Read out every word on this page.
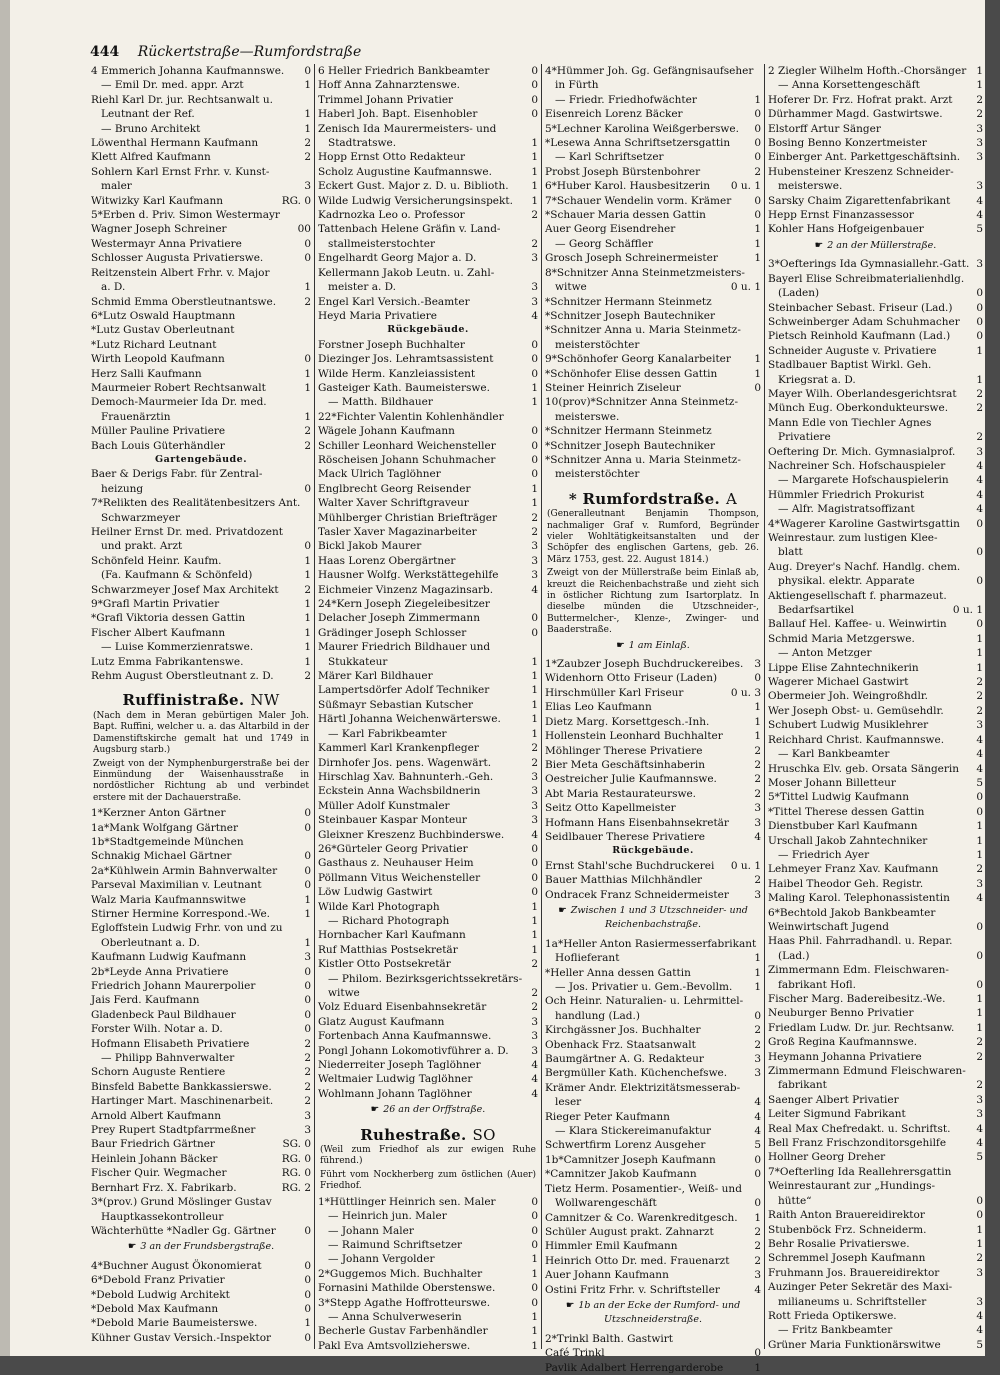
444 Rückertstraße—Rumfordstraße
4 Emmerich Johanna Kaufmannswe. 0
— Emil Dr. med. appr. Arzt	1
Riehl Karl Dr. jur. Rechtsanwalt u.
Leutnant der Ref.	1
— Bruno Architekt	1
Löwenthal Hermann Kaufmann	2
Klett Alfred Kaufmann	2
Sohlern Karl Ernst Frhr. v. Kunst-
maler	3
Witwizky Karl Kaufmann	RG. 0
5*Erben d. Priv. Simon Westermayr
Wagner Joseph Schreiner	00
Westermayr Anna Privatiere	0
Schlosser Augusta Privatierswe.	0
Reitzenstein Albert Frhr. v. Major
a. D.	1
Schmid Emma Oberstleutnantswe.	2
6*Lutz Oswald Hauptmann
*Lutz Gustav Oberleutnant
*Lutz Richard Leutnant
Wirth Leopold Kaufmann	0
Herz Salli Kaufmann	1
Maurmeier Robert Rechtsanwalt	1
Democh-Maurmeier Ida Dr. med.
Frauenärztin	1
Müller Pauline Privatiere	2
Bach Louis Güterhändler	2
Gartengebäude.
Baer & Derigs Fabr. für Zentral-
heizung	0
7*Relikten des Realitätenbesitzers Ant.
Schwarzmeyer
Heilner Ernst Dr. med. Privatdozent
und prakt. Arzt	0
Schönfeld Heinr. Kaufm.	1
(Fa. Kaufmann & Schönfeld)	1
Schwarzmeyer Josef Max Architekt 2
9*Grafl Martin Privatier	1
*Grafl Viktoria dessen Gattin	1
Fischer Albert Kaufmann	1
— Luise Kommerzienratswe.	1
Lutz Emma Fabrikantenswe.	1
Rehm August Oberstleutnant z. D.	2
Ruffinistraße. NW
(Nach dem in Meran gebürtigen Maler Joh. Bapt. Ruffini, welcher u. a. das Altarbild in der Damenstiftskirche gemalt hat und 1749 in Augsburg starb.)
Zweigt von der Nymphenburgerstraße bei der Einmündung der Waisenhausstraße in nordöstlicher Richtung ab und verbindet erstere mit der Dachauerstraße.
1*Kerzner Anton Gärtner	0
1a*Mank Wolfgang Gärtner	0
1b*Stadtgemeinde München
Schnakig Michael Gärtner	0
2a*Kühlwein Armin Bahnverwalter	0
Parseval Maximilian v. Leutnant	0
Walz Maria Kaufmannswitwe	1
Stirner Hermine Korrespond.-We.	1
Egloffstein Ludwig Frhr. von und zu
Oberleutnant a. D.	1
Kaufmann Ludwig Kaufmann	3
2b*Leyde Anna Privatiere	0
Friedrich Johann Maurerpolier	0
Jais Ferd. Kaufmann	0
Gladenbeck Paul Bildhauer	0
Forster Wilh. Notar a. D.	0
Hofmann Elisabeth Privatiere	2
— Philipp Bahnverwalter	2
Schorn Auguste Rentiere	2
Binsfeld Babette Bankkassierswe.	2
Hartinger Mart. Maschinenarbeit.	2
Arnold Albert Kaufmann	3
Prey Rupert Stadtpfarrmeßner	3
Baur Friedrich Gärtner	SG. 0
Heinlein Johann Bäcker	RG. 0
Fischer Quir. Wegmacher	RG. 0
Bernhart Frz. X. Fabrikarb.	RG. 2
3*(prov.) Grund Möslinger Gustav
Hauptkassekontrolleur
Wächterhütte *Nadler Gg. Gärtner	0
☛ 3 an der Frundsbergstraße.
4*Buchner August Ökonomierat	0
6*Debold Franz Privatier	0
*Debold Ludwig Architekt	0
*Debold Max Kaufmann	0
*Debold Marie Baumeisterswe.	1
Kühner Gustav Versich.-Inspektor	0
6 Heller Friedrich Bankbeamter	0
Hoff Anna Zahnarztenswe.	0
Trimmel Johann Privatier	0
Haberl Joh. Bapt. Eisenhobler	0
Zenisch Ida Maurermeisters- und
Stadtratswe.	1
Hopp Ernst Otto Redakteur	1
Scholz Augustine Kaufmannswe.	1
Eckert Gust. Major z. D. u. Biblioth. 1
Wilde Ludwig Versicherungsinspekt. 1
Kadrnozka Leo o. Professor	2
Tattenbach Helene Gräfin v. Land-
stallmeisterstochter	2
Engelhardt Georg Major a. D.	3
Kellermann Jakob Leutn. u. Zahl-
meister a. D.	3
Engel Karl Versich.-Beamter	3
Heyd Maria Privatiere	4
Rückgebäude.
Forstner Joseph Buchhalter	0
Diezinger Jos. Lehramtsassistent	0
Wilde Herm. Kanzleiassistent	0
Gasteiger Kath. Baumeisterswe.	1
— Matth. Bildhauer	1
22*Fichter Valentin Kohlenhändler
Wägele Johann Kaufmann	0
Schiller Leonhard Weichensteller	0
Röscheisen Johann Schuhmacher	0
Mack Ulrich Taglöhner	0
Englbrecht Georg Reisender	1
Walter Xaver Schriftgraveur	1
Mühlberger Christian Briefträger	2
Tasler Xaver Magazinarbeiter	2
Bickl Jakob Maurer	3
Haas Lorenz Obergärtner	3
Hausner Wolfg. Werkstättegehilfe	3
Eichmeier Vinzenz Magazinsarb.	4
24*Kern Joseph Ziegeleibesitzer
Delacher Joseph Zimmermann	0
Grädinger Joseph Schlosser	0
Maurer Friedrich Bildhauer und
Stukkateur	1
Märer Karl Bildhauer	1
Lampertsdörfer Adolf Techniker	1
Süßmayr Sebastian Kutscher	1
Härtl Johanna Weichenwärterswe.	1
— Karl Fabrikbeamter	1
Kammerl Karl Krankenpfleger	2
Dirnhofer Jos. pens. Wagenwärt.	2
Hirschlag Xav. Bahnunterh.-Geh.	3
Eckstein Anna Wachsbildnerin	3
Müller Adolf Kunstmaler	3
Steinbauer Kaspar Monteur	3
Gleixner Kreszenz Buchbinderswe.	4
26*Gürteler Georg Privatier	0
Gasthaus z. Neuhauser Heim	0
Pöllmann Vitus Weichensteller	0
Löw Ludwig Gastwirt	0
Wilde Karl Photograph	1
— Richard Photograph	1
Hornbacher Karl Kaufmann	1
Ruf Matthias Postsekretär	1
Kistler Otto Postsekretär	2
— Philom. Bezirksgerichtssekretärs-
witwe	2
Volz Eduard Eisenbahnsekretär	2
Glatz August Kaufmann	3
Fortenbach Anna Kaufmannswe.	3
Pongl Johann Lokomotivführer a. D. 3
Niederreiter Joseph Taglöhner	4
Weltmaier Ludwig Taglöhner	4
Wohlmann Johann Taglöhner	4
☛ 26 an der Orffstraße.
Ruhestraße. SO
(Weil zum Friedhof als zur ewigen Ruhe führend.)
Führt vom Nockherberg zum östlichen (Auer) Friedhof.
1*Hüttlinger Heinrich sen. Maler	0
— Heinrich jun. Maler	0
— Johann Maler	0
— Raimund Schriftsetzer	0
— Johann Vergolder	1
2*Guggemos Mich. Buchhalter	1
Fornasini Mathilde Oberstenswe.	0
3*Stepp Agathe Hoffrotteurswe.	0
— Anna Schulverweserin	1
Becherle Gustav Farbenhändler	1
Pakl Eva Amtsvollzieherswe.	1
4*Hümmer Joh. Gg. Gefängnisaufseher
in Fürth
— Friedr. Friedhofwächter	1
Eisenreich Lorenz Bäcker	0
5*Lechner Karolina Weißgerberswe. 0
*Lesewa Anna Schriftsetzersgattin 0
— Karl Schriftsetzer	0
Probst Joseph Bürstenbohrer	2
6*Huber Karol. Hausbesitzerin 0 u. 1
7*Schauer Wendelin vorm. Krämer 0
*Schauer Maria dessen Gattin	0
Auer Georg Eisendreher	1
— Georg Schäffler	1
Grosch Joseph Schreinermeister	1
8*Schnitzer Anna Steinmetzmeisters-
witwe	0 u. 1
*Schnitzer Hermann Steinmetz
*Schnitzer Joseph Bautechniker
*Schnitzer Anna u. Maria Steinmetz-
meisterstöchter
9*Schönhofer Georg Kanalarbeiter 1
*Schönhofer Elise dessen Gattin	1
Steiner Heinrich Ziseleur	0
10(prov)*Schnitzer Anna Steinmetz-
meisterswe.
*Schnitzer Hermann Steinmetz
*Schnitzer Joseph Bautechniker
*Schnitzer Anna u. Maria Steinmetz-
meisterstöchter
* Rumfordstraße. A
(Generalleutnant Benjamin Thompson, nachmaliger Graf v. Rumford, Begründer vieler Wohltätigkeitsanstalten und der Schöpfer des englischen Gartens, geb. 26. März 1753, gest. 22. August 1814.)
Zweigt von der Müllerstraße beim Einlaß ab, kreuzt die Reichenbachstraße und zieht sich in östlicher Richtung zum Isartorplatz. In dieselbe münden die Utzschneider-, Buttermelcher-, Klenze-, Zwinger- und Baaderstraße.
☛ 1 am Einlaß.
1*Zaubzer Joseph Buchdruckereibes. 3
Widenhorn Otto Friseur (Laden)	0
Hirschmüller Karl Friseur	0 u. 3
Elias Leo Kaufmann	1
Dietz Marg. Korsettgesch.-Inh.	1
Hollenstein Leonhard Buchhalter	1
Möhlinger Therese Privatiere	2
Bier Meta Geschäftsinhaberin	2
Oestreicher Julie Kaufmannswe.	2
Abt Maria Restaurateurswe.	2
Seitz Otto Kapellmeister	3
Hofmann Hans Eisenbahnsekretär 3
Seidlbauer Therese Privatiere	4
Rückgebäude.
Ernst Stahl'sche Buchdruckerei 0 u. 1
Bauer Matthias Milchhändler	2
Ondracek Franz Schneidermeister 3
☛ Zwischen 1 und 3 Utzschneider- und Reichenbachstraße.
1a*Heller Anton Rasiermesserfabrikant
Hoflieferant	1
*Heller Anna dessen Gattin	1
— Jos. Privatier u. Gem.-Bevollm. 1
Och Heinr. Naturalien- u. Lehrmittel-
handlung (Lad.)	0
Kirchgässner Jos. Buchhalter	2
Obenhack Frz. Staatsanwalt	2
Baumgärtner A. G. Redakteur	3
Bergmüller Kath. Küchenchefswe.	3
Krämer Andr. Elektrizitätsmesserab-
leser	4
Rieger Peter Kaufmann	4
— Klara Stickereimanufaktur	4
Schwertfirm Lorenz Ausgeher	5
1b*Camnitzer Joseph Kaufmann	0
*Camnitzer Jakob Kaufmann	0
Tietz Herm. Posamentier-, Weiß- und
Wollwarengeschäft	0
Camnitzer & Co. Warenkreditgesch. 1
Schüler August prakt. Zahnarzt	2
Himmler Emil Kaufmann	2
Heinrich Otto Dr. med. Frauenarzt 2
Auer Johann Kaufmann	3
Ostini Fritz Frhr. v. Schriftsteller	4
☛ 1b an der Ecke der Rumford- und Utzschneiderstraße.
2*Trinkl Balth. Gastwirt
Café Trinkl	0
Pavlik Adalbert Herrengarderobe	1
2 Ziegler Wilhelm Hofth.-Chorsänger 1
— Anna Korsettengeschäft	1
Hoferer Dr. Frz. Hofrat prakt. Arzt 2
Dürhammer Magd. Gastwirtswe.	2
Elstorff Artur Sänger	3
Bosing Benno Konzertmeister	3
Einberger Ant. Parkettgeschäftsinh. 3
Hubensteiner Kreszenz Schneider-
meisterswe.	3
Sarsky Chaim Zigarettenfabrikant 4
Hepp Ernst Finanzassessor	4
Kohler Hans Hofgeigenbauer	5
☛ 2 an der Müllerstraße.
3*Oefterings Ida Gymnasiallehr.-Gatt. 3
Bayerl Elise Schreibmaterialienhdlg.
(Laden)	0
Steinbacher Sebast. Friseur (Lad.) 0
Schweinberger Adam Schuhmacher 0
Pietsch Reinhold Kaufmann (Lad.) 0
Schneider Auguste v. Privatiere	1
Stadlbauer Baptist Wirkl. Geh.
Kriegsrat a. D.	1
Mayer Wilh. Oberlandesgerichtsrat 2
Münch Eug. Oberkondukteurswe.	2
Mann Edle von Tiechler Agnes
Privatiere	2
Oeftering Dr. Mich. Gymnasialprof. 3
Nachreiner Sch. Hofschauspieler	4
— Margarete Hofschauspielerin	4
Hümmler Friedrich Prokurist	4
— Alfr. Magistratsoffizant	4
4*Wagerer Karoline Gastwirtsgattin 0
Weinrestaur. zum lustigen Klee-
blatt	0
Aug. Dreyer's Nachf. Handlg. chem.
physikal. elektr. Apparate	0
Aktiengesellschaft f. pharmazeut.
Bedarfsartikel	0 u. 1
Ballauf Hel. Kaffee- u. Weinwirtin	0
Schmid Maria Metzgerswe.	1
— Anton Metzger	1
Lippe Elise Zahntechnikerin	1
Wagerer Michael Gastwirt	2
Obermeier Joh. Weingroßhdlr.	2
Wer Joseph Obst- u. Gemüsehdlr.	2
Schubert Ludwig Musiklehrer	3
Reichhard Christ. Kaufmannswe.	4
— Karl Bankbeamter	4
Hruschka Elv. geb. Orsata Sängerin 4
Moser Johann Billetteur	5
5*Tittel Ludwig Kaufmann	0
*Tittel Therese dessen Gattin	0
Dienstbuber Karl Kaufmann	1
Urschall Jakob Zahntechniker	1
— Friedrich Ayer	1
Lehmeyer Franz Xav. Kaufmann	2
Haibel Theodor Geh. Registr.	3
Maling Karol. Telephonassistentin	4
6*Bechtold Jakob Bankbeamter
Weinwirtschaft Jugend	0
Haas Phil. Fahrradhandl. u. Repar.
(Lad.)	0
Zimmermann Edm. Fleischwaren-
fabrikant Hofl.	0
Fischer Marg. Badereibesitz.-We.	1
Neuburger Benno Privatier	1
Friedlam Ludw. Dr. jur. Rechtsanw. 1
Groß Regina Kaufmannswe.	2
Heymann Johanna Privatiere	2
Zimmermann Edmund Fleischwaren-
fabrikant	2
Saenger Albert Privatier	3
Leiter Sigmund Fabrikant	3
Real Max Chefredakt. u. Schriftst. 4
Bell Franz Frischzonditorsgehilfe	4
Hollner Georg Dreher	5
7*Oefterling Ida Reallehrersgattin
Weinrestaurant zur „Hundings-
hütte“	0
Raith Anton Brauereidirektor	0
Stubenböck Frz. Schneiderm.	1
Behr Rosalie Privatierswe.	1
Schremmel Joseph Kaufmann	2
Fruhmann Jos. Brauereidirektor	3
Auzinger Peter Sekretär des Maxi-
milianeums u. Schriftsteller	3
Rott Frieda Optikerswe.	4
— Fritz Bankbeamter	4
Grüner Maria Funktionärswitwe	5
